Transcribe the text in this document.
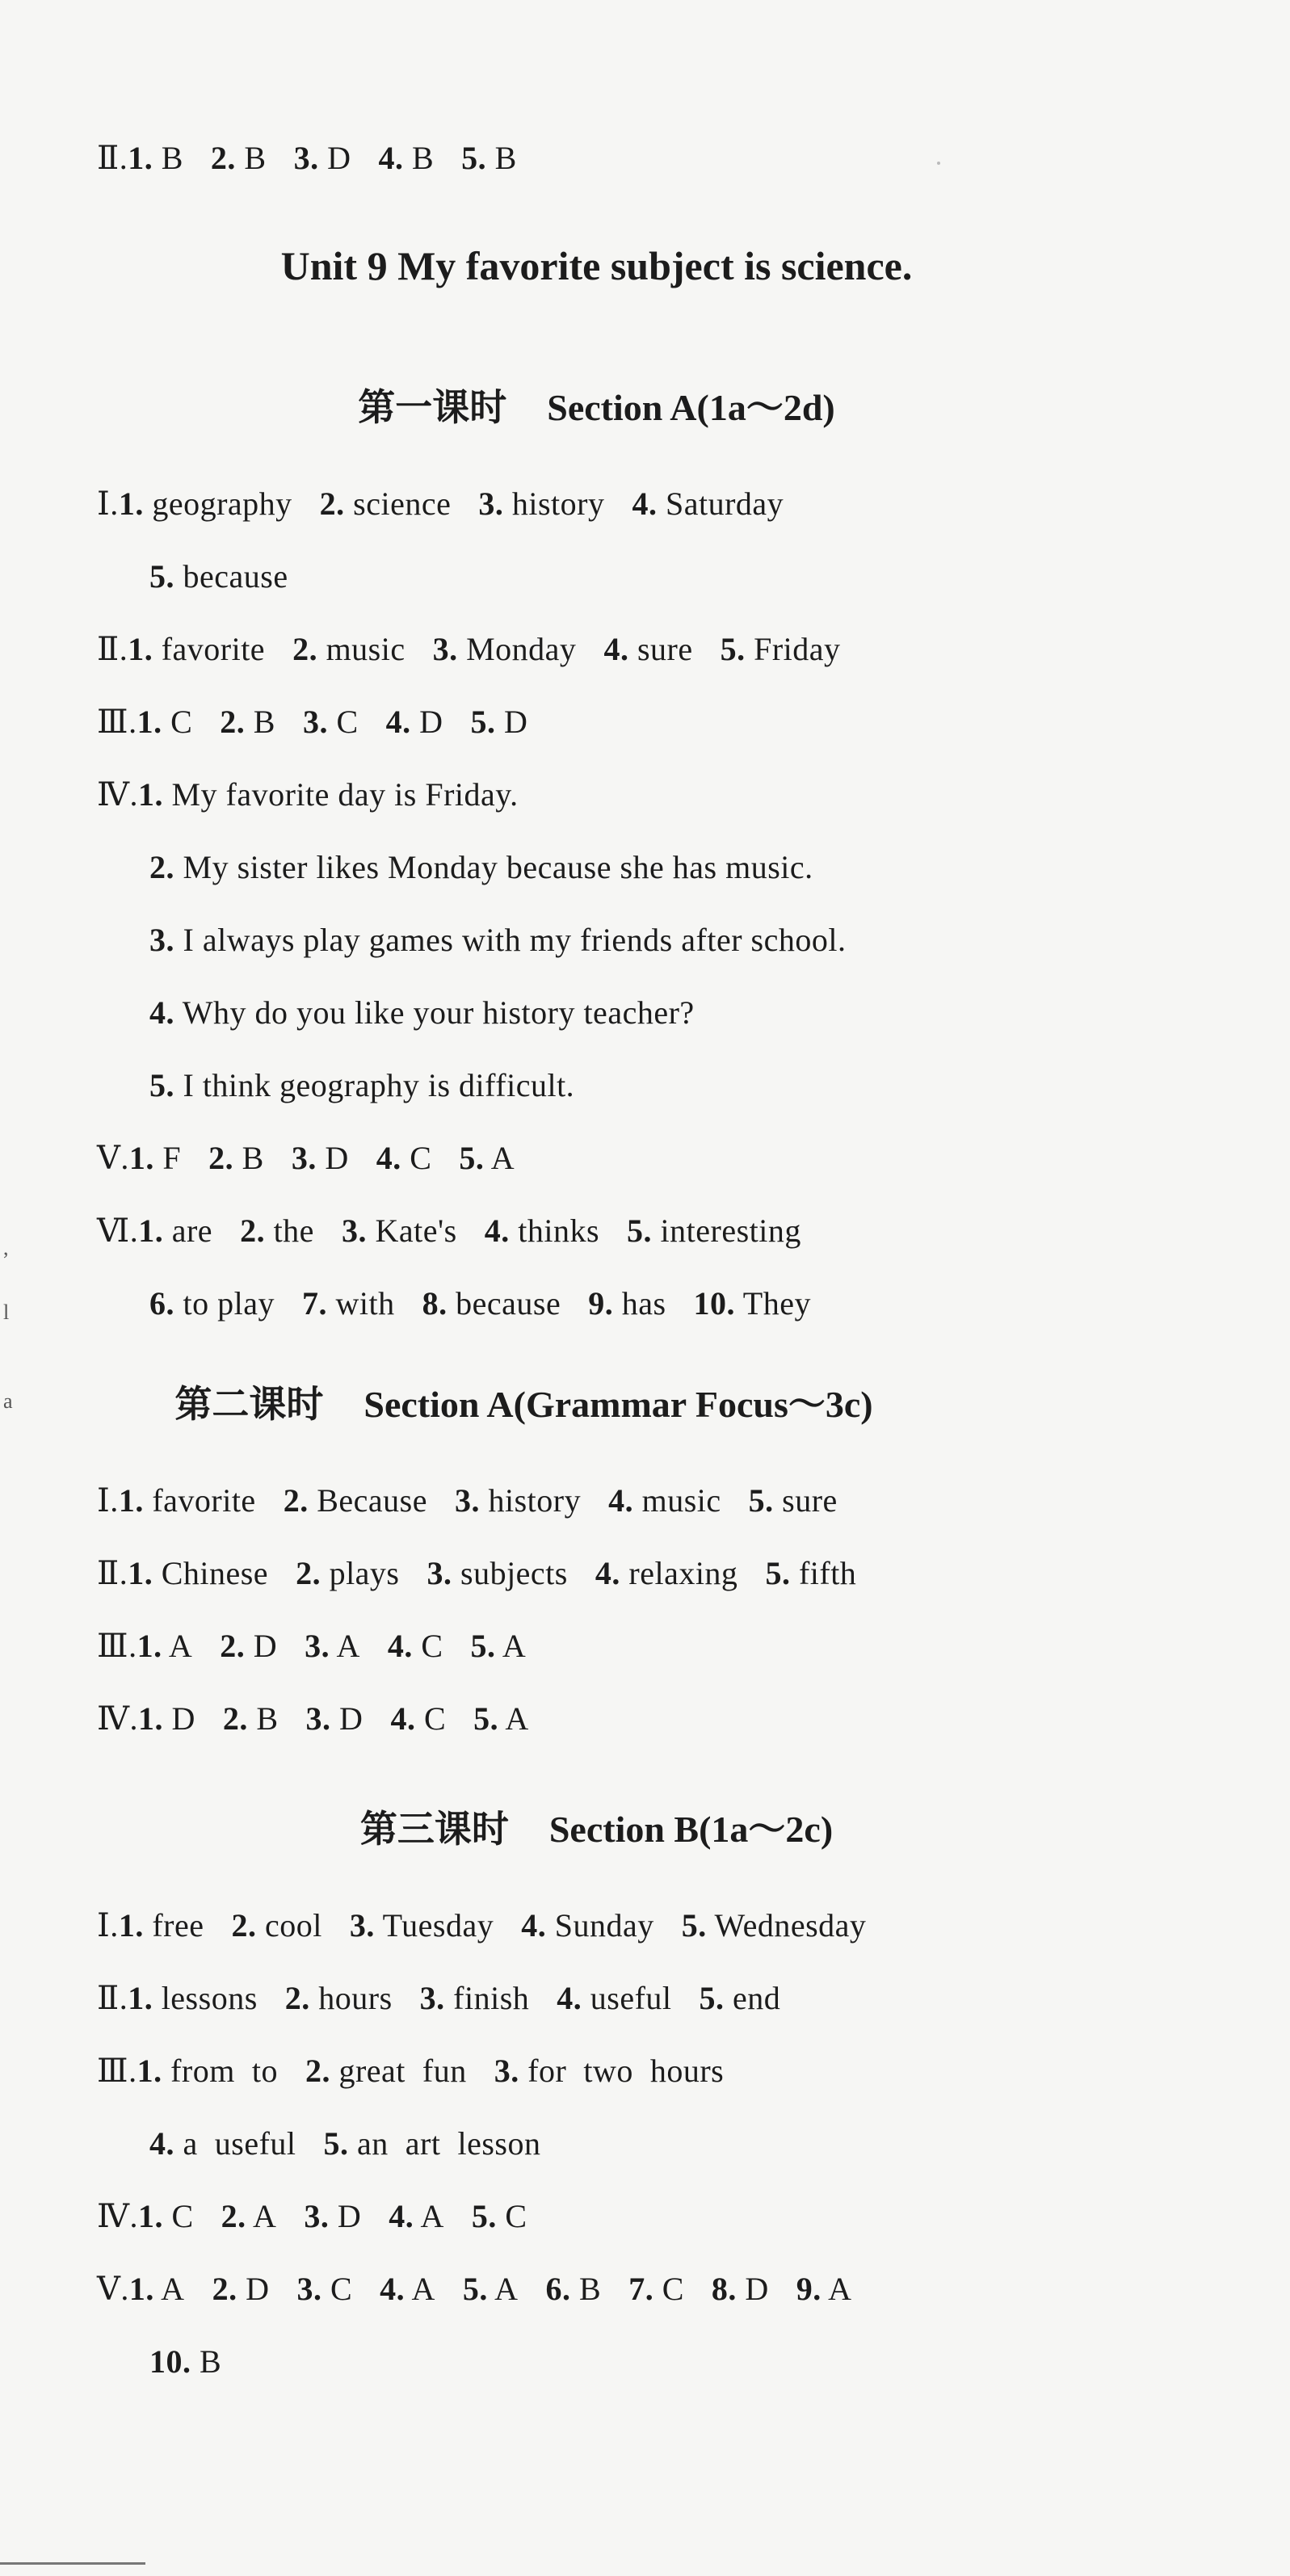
Ⅱ.1. B 2. B 3. D 4. B 5. B
第一课时 Section A(1a～2d)
Ⅰ.1. geography 2. science 3. history 4. Saturday
5. because
Ⅱ.1. favorite 2. music 3. Monday 4. sure 5. Friday
Ⅲ.1. C 2. B 3. C 4. D 5. D
Ⅳ.1. My favorite day is Friday.
2. My sister likes Monday because she has music.
3. I always play games with my friends after school.
4. Why do you like your history teacher?
5. I think geography is difficult.
Ⅴ.1. F 2. B 3. D 4. C 5. A
Ⅵ.1. are 2. the 3. Kate's 4. thinks 5. interesting
6. to play 7. with 8. because 9. has 10. They
第二课时 Section A(Grammar Focus～3c)
Ⅰ.1. favorite 2. Because 3. history 4. music 5. sure
Ⅱ.1. Chinese 2. plays 3. subjects 4. relaxing 5. fifth
Ⅲ.1. A 2. D 3. A 4. C 5. A
Ⅳ.1. D 2. B 3. D 4. C 5. A
第三课时 Section B(1a～2c)
Ⅰ.1. free 2. cool 3. Tuesday 4. Sunday 5. Wednesday
Ⅱ.1. lessons 2. hours 3. finish 4. useful 5. end
Ⅲ.1. from  to 2. great  fun 3. for  two  hours
4. a  useful 5. an  art  lesson
Ⅳ.1. C 2. A 3. D 4. A 5. C
Ⅴ.1. A 2. D 3. C 4. A 5. A 6. B 7. C 8. D 9. A
10. B
,
l
a
Unit 9 My favorite subject is science.
